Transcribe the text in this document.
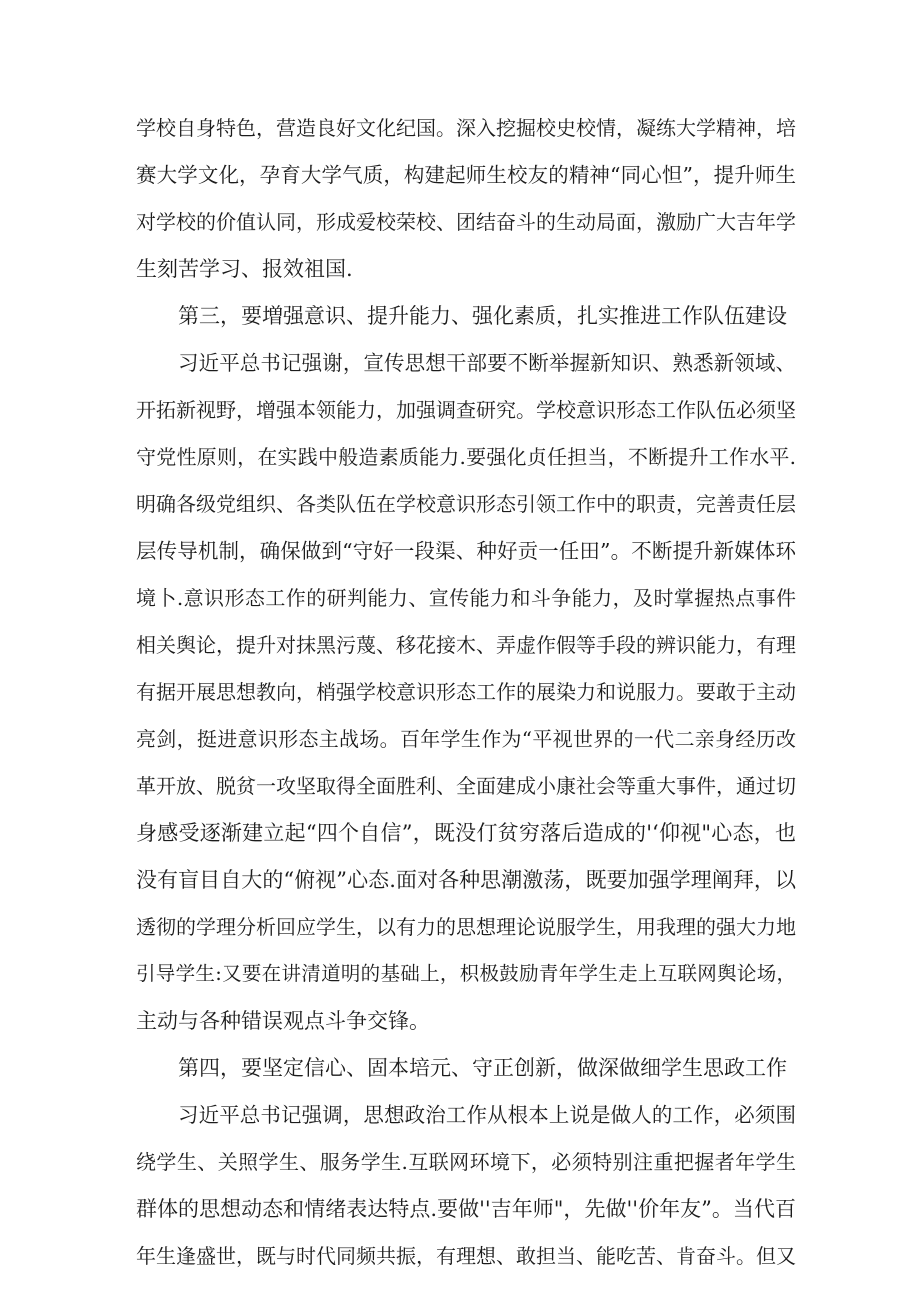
学校自身特色，营造良好文化纪国。深入挖掘校史校情，凝练大学精神，培
赛大学文化，孕育大学气质，构建起师生校友的精神“同心怛”，提升师生
对学校的价值认同，形成爱校荣校、团结奋斗的生动局面，激励广大吉年学
生刻苦学习、报效祖国.
第三，要増强意识、提升能力、强化素质，扎实推进工作队伍建设
习近平总书记强谢，宣传思想干部要不断举握新知识、熟悉新领域、
开拓新视野，增强本领能力，加强调查研究。学校意识形态工作队伍必须坚
守党性原则，在实践中般造素质能力.要强化贞任担当，不断提升工作水平.
明确各级党组织、各类队伍在学校意识形态引领工作中的职责，完善责任层
层传导机制，确保做到“守好一段渠、种好贡一任田”。不断提升新媒体环
境卜.意识形态工作的研判能力、宣传能力和斗争能力，及时掌握热点事件
相关舆论，提升对抹黑污蔑、移花接木、弄虚作假等手段的辨识能力，有理
有据开展思想教向，梢强学校意识形态工作的展染力和说服力。要敢于主动
亮剑，挺进意识形态主战场。百年学生作为“平视世界的一代二亲身经历改
革开放、脱贫一攻坚取得全面胜利、全面建成小康社会等重大事件，通过切
身感受逐渐建立起“四个自信”，既没仃贫穷落后造成的'‘仰视"心态，也
没有盲目自大的“俯视”心态.面对各种思潮激荡，既要加强学理阐拜，以
透彻的学理分析回应学生，以有力的思想理论说服学生，用我理的强大力地
引导学生:又要在讲清道明的基础上，枳极鼓励青年学生走上互联网舆论场，
主动与各种错误观点斗争交锋。
第四，要坚定信心、固本培元、守正创新，做深做细学生思政工作
习近平总书记强调，思想政治工作从根本上说是做人的工作，必须围
绕学生、关照学生、服务学生.互联网环境下，必须特别注重把握者年学生
群体的思想动态和情绪表达特点.要做''吉年师"，先做''价年友”。当代百
年生逢盛世，既与时代同频共振，有理想、敢担当、能吃苦、肯奋斗。但又
